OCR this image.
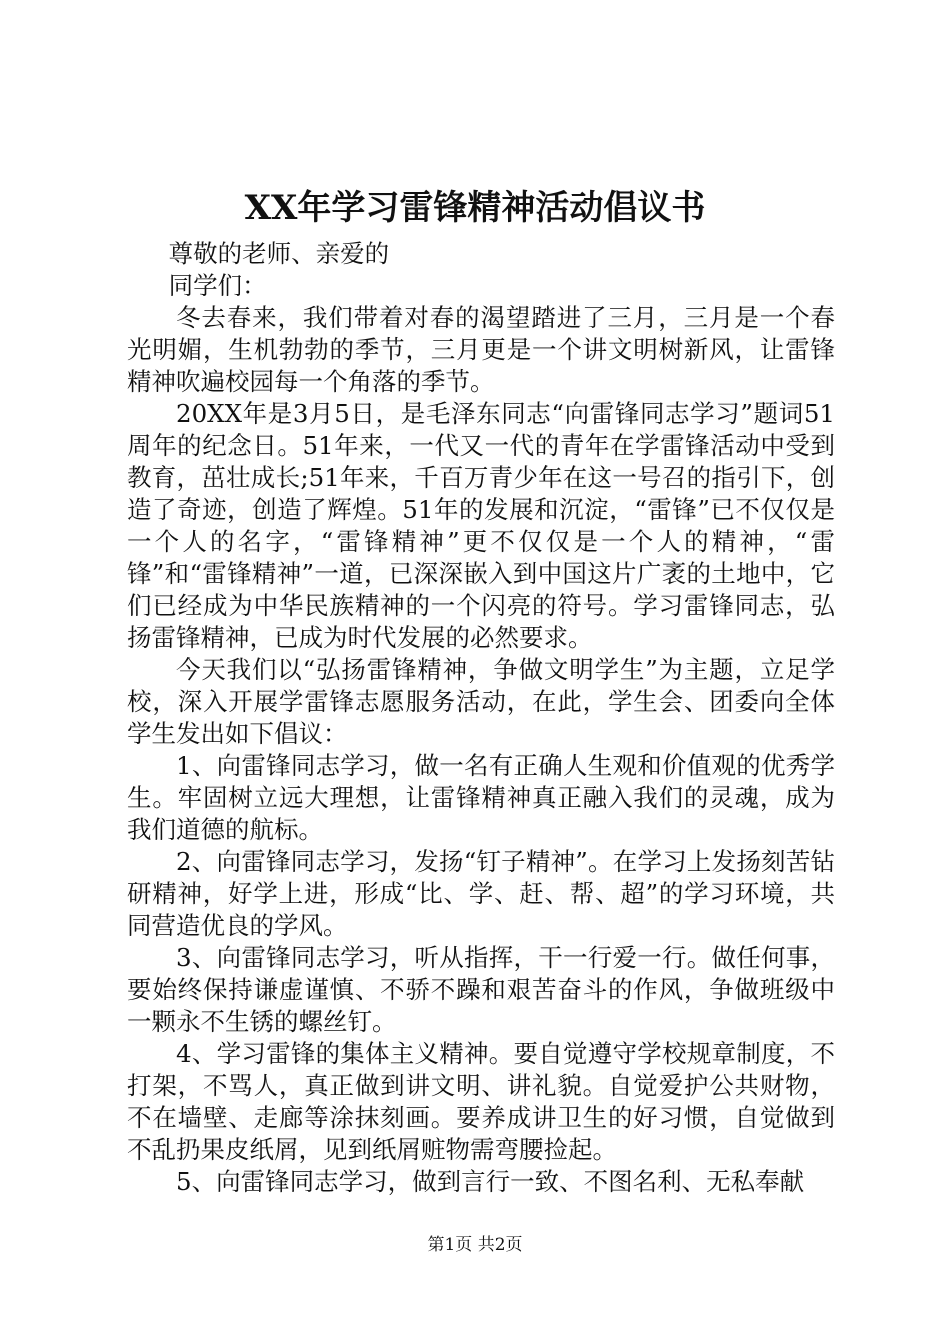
XX年学习雷锋精神活动倡议书

尊敬的老师、亲爱的

同学们：

冬去春来，我们带着对春的渴望踏进了三月，三月是一个春光明媚，生机勃勃的季节，三月更是一个讲文明树新风，让雷锋精神吹遍校园每一个角落的季节。

20XX年是3月5日，是毛泽东同志“向雷锋同志学习”题词51周年的纪念日。51年来，一代又一代的青年在学雷锋活动中受到教育，茁壮成长;51年来，千百万青少年在这一号召的指引下，创造了奇迹，创造了辉煌。51年的发展和沉淀，“雷锋”已不仅仅是一个人的名字，“雷锋精神”更不仅仅是一个人的精神，“雷锋”和“雷锋精神”一道，已深深嵌入到中国这片广袤的土地中，它们已经成为中华民族精神的一个闪亮的符号。学习雷锋同志，弘扬雷锋精神，已成为时代发展的必然要求。

今天我们以“弘扬雷锋精神，争做文明学生”为主题，立足学校，深入开展学雷锋志愿服务活动，在此，学生会、团委向全体学生发出如下倡议：

1、向雷锋同志学习，做一名有正确人生观和价值观的优秀学生。牢固树立远大理想，让雷锋精神真正融入我们的灵魂，成为我们道德的航标。

2、向雷锋同志学习，发扬“钉子精神”。在学习上发扬刻苦钻研精神，好学上进，形成“比、学、赶、帮、超”的学习环境，共同营造优良的学风。

3、向雷锋同志学习，听从指挥，干一行爱一行。做任何事，要始终保持谦虚谨慎、不骄不躁和艰苦奋斗的作风，争做班级中一颗永不生锈的螺丝钉。

4、学习雷锋的集体主义精神。要自觉遵守学校规章制度，不打架，不骂人，真正做到讲文明、讲礼貌。自觉爱护公共财物，不在墙壁、走廊等涂抹刻画。要养成讲卫生的好习惯，自觉做到不乱扔果皮纸屑，见到纸屑赃物需弯腰捡起。

5、向雷锋同志学习，做到言行一致、不图名利、无私奉献

第1页 共2页
